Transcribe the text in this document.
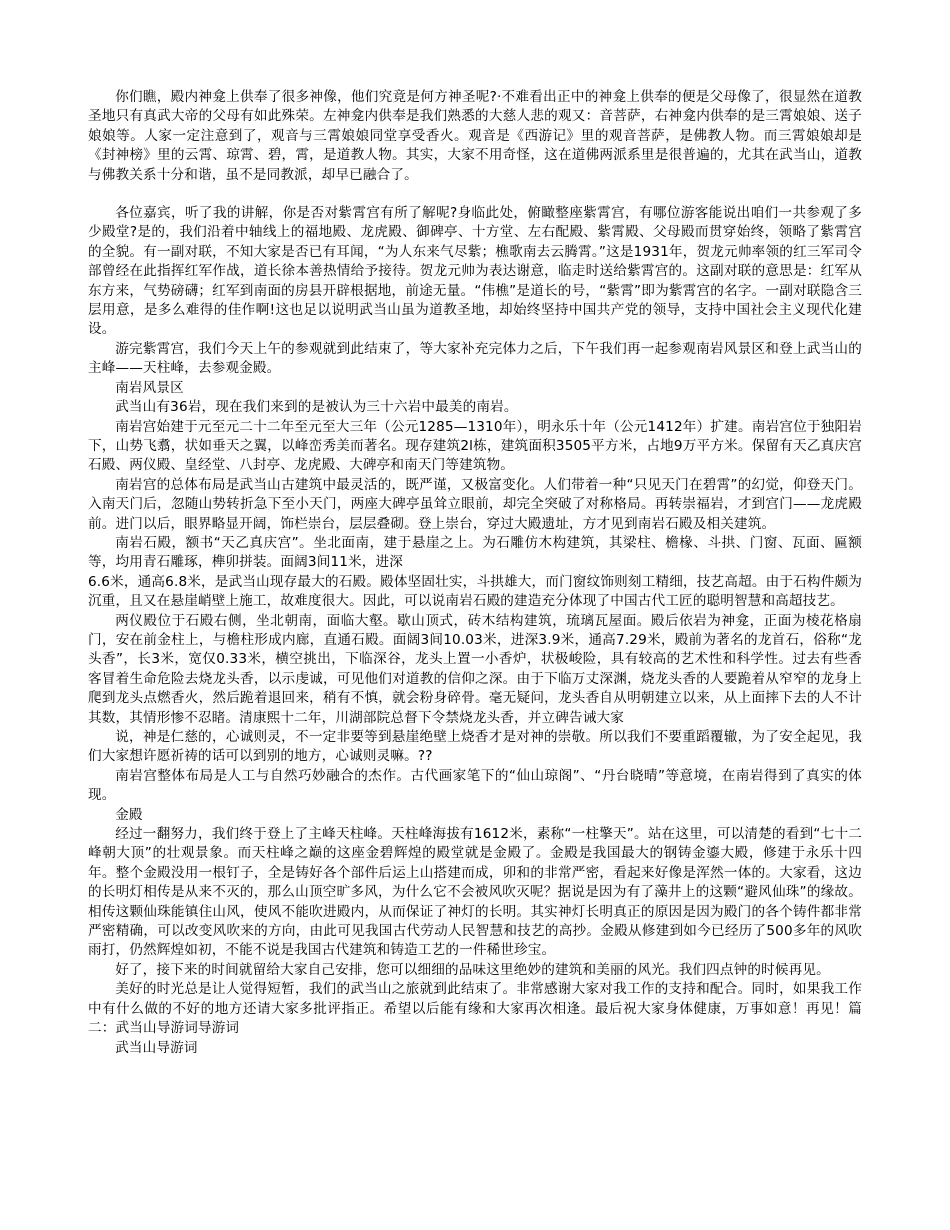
你们瞧，殿内神龛上供奉了很多神像，他们究竟是何方神圣呢?·不难看出正中的神龛上供奉的便是父母像了，很显然在道教圣地只有真武大帝的父母有如此殊荣。左神龛内供奉是我们熟悉的大慈人悲的观又：音菩萨，右神龛内供奉的是三霄娘娘、送子娘娘等。人家一定注意到了，观音与三霄娘娘同堂享受香火。观音是《西游记》里的观音菩萨，是佛教人物。而三霄娘娘却是《封神榜》里的云霄、琼霄、碧，霄，是道教人物。其实，大家不用奇怪，这在道佛两派系里是很普遍的，尤其在武当山，道教与佛教关系十分和谐，虽不是同教派，却早已融合了。

各位嘉宾，听了我的讲解，你是否对紫霄宫有所了解呢?身临此处，俯瞰整座紫霄宫，有哪位游客能说出咱们一共参观了多少殿堂?是的，我们沿着中轴线上的福地殿、龙虎殿、御碑亭、十方堂、左右配殿、紫霄殿、父母殿而贯穿始终，领略了紫霄宫的全貌。有一副对联，不知大家是否已有耳闻，“为人东来气尽紫；樵歌南去云腾霄。”这是1931年，贺龙元帅率领的红三军司令部曾经在此指挥红军作战，道长徐本善热情给予接待。贺龙元帅为表达谢意，临走时送给紫霄宫的。这副对联的意思是：红军从东方来，气势磅礴；红军到南面的房县开辟根据地，前途无量。“伟樵”是道长的号，“紫霄”即为紫霄宫的名字。一副对联隐含三层用意，是多么难得的佳作啊!这也足以说明武当山虽为道教圣地，却始终坚持中国共产党的领导，支持中国社会主义现代化建设。

游完紫霄宫，我们今天上午的参观就到此结束了，等大家补充完体力之后，下午我们再一起参观南岩风景区和登上武当山的主峰——天柱峰，去参观金殿。

南岩风景区

武当山有36岩，现在我们来到的是被认为三十六岩中最美的南岩。

南岩宫始建于元至元二十二年至元至大三年（公元1285—1310年），明永乐十年（公元1412年）扩建。南岩宫位于独阳岩下，山势飞翥，状如垂天之翼，以峰峦秀美而著名。现存建筑2l栋，建筑面积3505平方米，占地9万平方米。保留有天乙真庆宫石殿、两仪殿、皇经堂、八封亭、龙虎殿、大碑亭和南天门等建筑物。

南岩宫的总体布局是武当山古建筑中最灵活的，既严谨，又极富变化。人们带着一种“只见天门在碧霄”的幻觉，仰登天门。入南天门后，忽随山势转折急下至小天门，两座大碑亭虽耸立眼前，却完全突破了对称格局。再转崇福岩，才到宫门——龙虎殿前。进门以后，眼界略显开阔，饰栏崇台，层层叠砌。登上崇台，穿过大殿遗址，方才见到南岩石殿及相关建筑。

南岩石殿，额书“天乙真庆宫”。坐北面南，建于悬崖之上。为石雕仿木构建筑，其梁柱、檐椽、斗拱、门窗、瓦面、匾额等，均用青石雕琢，榫卯拼装。面阔3间11米，进深

6.6米，通高6.8米，是武当山现存最大的石殿。殿体坚固壮实，斗拱雄大，而门窗纹饰则刻工精细，技艺高超。由于石构件颇为沉重，且又在悬崖峭壁上施工，故难度很大。因此，可以说南岩石殿的建造充分体现了中国古代工匠的聪明智慧和高超技艺。

两仪殿位于石殿右侧，坐北朝南，面临大壑。歇山顶式，砖木结构建筑，琉璃瓦屋面。殿后依岩为神龛，正面为棱花格扇门，安在前金柱上，与檐柱形成内廊，直通石殿。面阔3间10.03米，进深3.9米，通高7.29米，殿前为著名的龙首石，俗称“龙头香”，长3米，宽仅0.33米，横空挑出，下临深谷，龙头上置一小香炉，状极峻险，具有较高的艺术性和科学性。过去有些香客冒着生命危险去烧龙头香，以示虔诚，可见他们对道教的信仰之深。由于下临万丈深渊，烧龙头香的人要跪着从窄窄的龙身上爬到龙头点燃香火，然后跪着退回来，稍有不慎，就会粉身碎骨。毫无疑问，龙头香自从明朝建立以来，从上面摔下去的人不计其数，其情形惨不忍睹。清康熙十二年，川湖部院总督下令禁烧龙头香，并立碑告诫大家

说，神是仁慈的，心诚则灵，不一定非要等到悬崖绝壁上烧香才是对神的崇敬。所以我们不要重蹈覆辙，为了安全起见，我们大家想许愿祈祷的话可以到别的地方，心诚则灵嘛。??

南岩宫整体布局是人工与自然巧妙融合的杰作。古代画家笔下的“仙山琼阁”、“丹台晓晴”等意境，在南岩得到了真实的体现。

金殿

经过一翻努力，我们终于登上了主峰天柱峰。天柱峰海拔有1612米，素称“一柱擎天”。站在这里，可以清楚的看到“七十二峰朝大顶”的壮观景象。而天柱峰之巅的这座金碧辉煌的殿堂就是金殿了。金殿是我国最大的钢铸金鎏大殿，修建于永乐十四年。整个金殿没用一根钉子，全是铸好各个部件后运上山搭建而成，卯和的非常严密，看起来好像是浑然一体的。大家看，这边的长明灯相传是从来不灭的，那么山顶空旷多风，为什么它不会被风吹灭呢？据说是因为有了藻井上的这颗“避风仙珠”的缘故。相传这颗仙珠能镇住山风，使风不能吹进殿内，从而保证了神灯的长明。其实神灯长明真正的原因是因为殿门的各个铸件都非常严密精确，可以改变风吹来的方向，由此可见我国古代劳动人民智慧和技艺的高抄。金殿从修建到如今已经历了500多年的风吹雨打，仍然辉煌如初，不能不说是我国古代建筑和铸造工艺的一件稀世珍宝。

好了，接下来的时间就留给大家自己安排，您可以细细的品味这里绝妙的建筑和美丽的风光。我们四点钟的时候再见。

美好的时光总是让人觉得短暂，我们的武当山之旅就到此结束了。非常感谢大家对我工作的支持和配合。同时，如果我工作中有什么做的不好的地方还请大家多批评指正。希望以后能有缘和大家再次相逢。最后祝大家身体健康，万事如意！再见！篇二：武当山导游词导游词

武当山导游词
